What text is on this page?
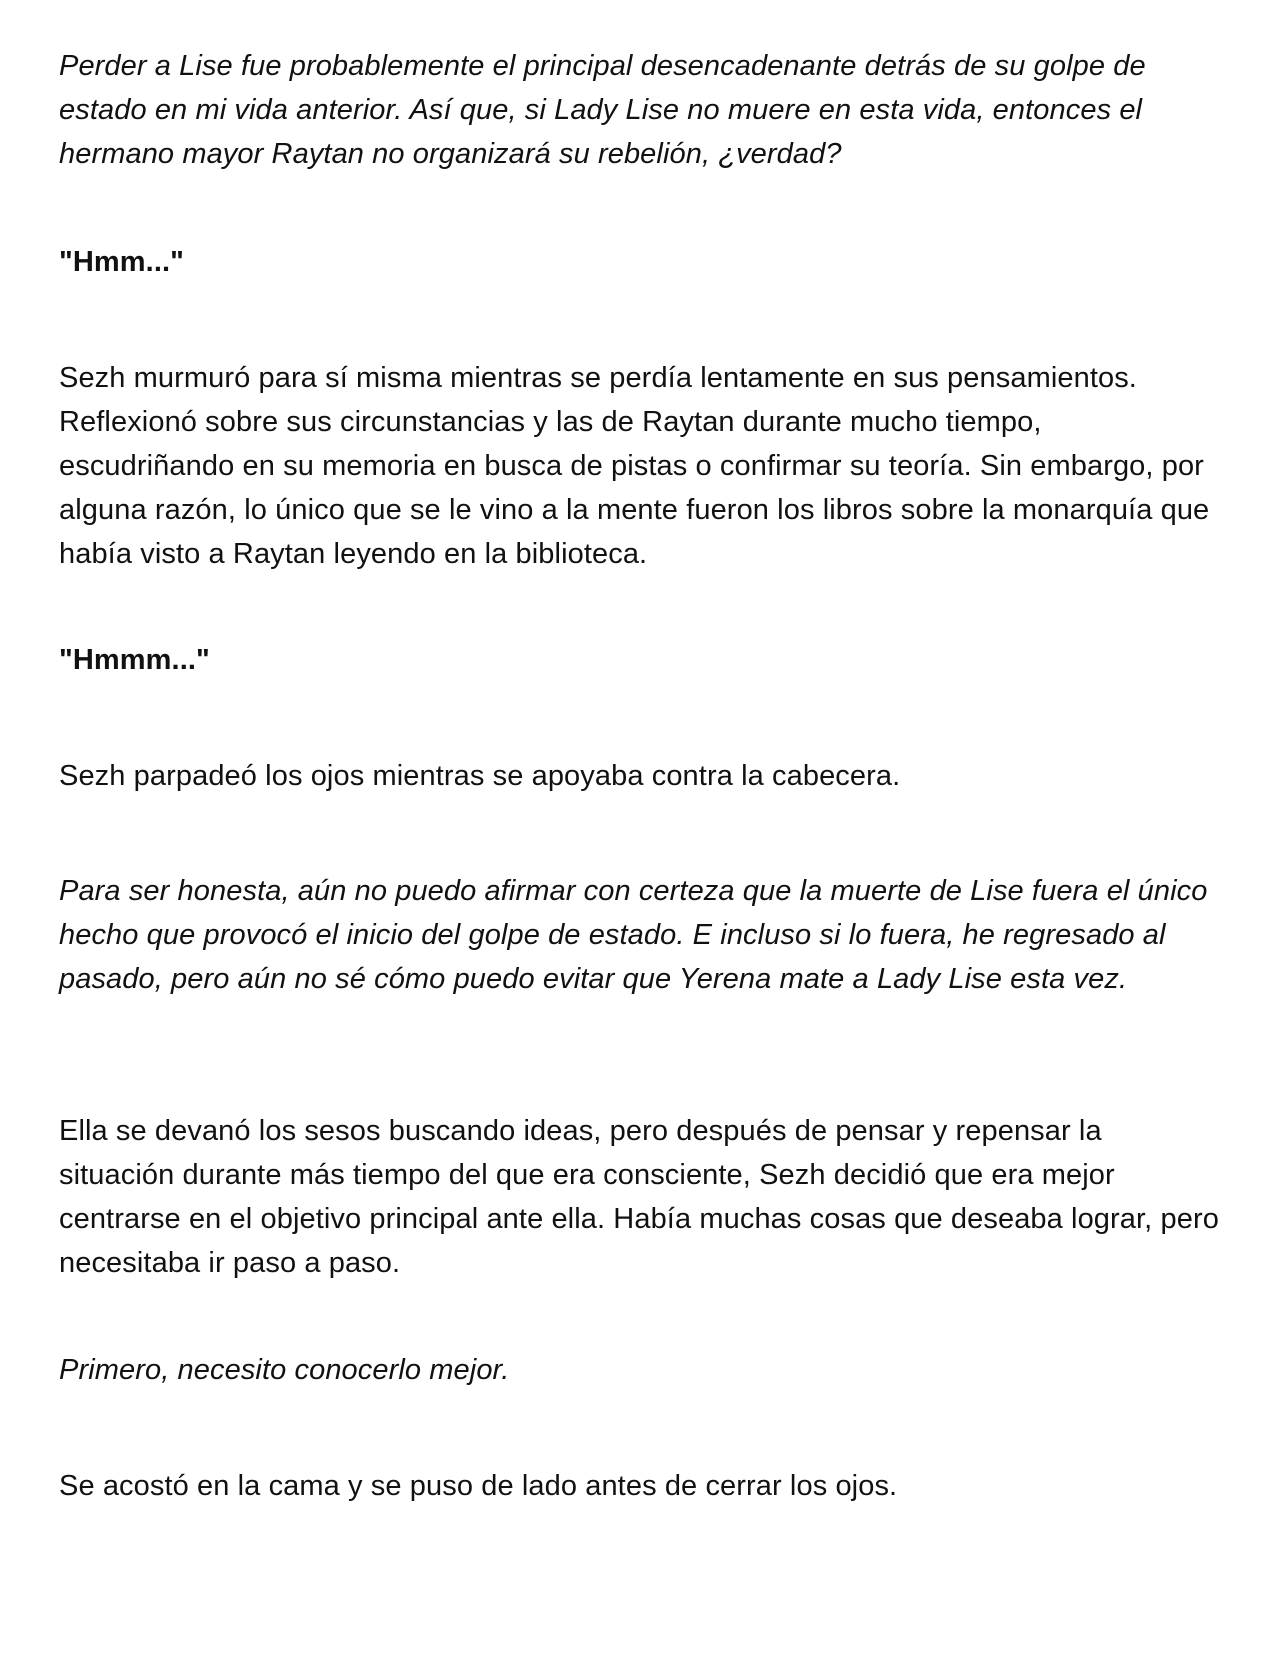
Perder a Lise fue probablemente el principal desencadenante detrás de su golpe de estado en mi vida anterior. Así que, si Lady Lise no muere en esta vida, entonces el hermano mayor Raytan no organizará su rebelión, ¿verdad?

"Hmm..."

Sezh murmuró para sí misma mientras se perdía lentamente en sus pensamientos. Reflexionó sobre sus circunstancias y las de Raytan durante mucho tiempo, escudriñando en su memoria en busca de pistas o confirmar su teoría. Sin embargo, por alguna razón, lo único que se le vino a la mente fueron los libros sobre la monarquía que había visto a Raytan leyendo en la biblioteca.

"Hmmm..."

Sezh parpadeó los ojos mientras se apoyaba contra la cabecera.

Para ser honesta, aún no puedo afirmar con certeza que la muerte de Lise fuera el único hecho que provocó el inicio del golpe de estado. E incluso si lo fuera, he regresado al pasado, pero aún no sé cómo puedo evitar que Yerena mate a Lady Lise esta vez.

Ella se devanó los sesos buscando ideas, pero después de pensar y repensar la situación durante más tiempo del que era consciente, Sezh decidió que era mejor centrarse en el objetivo principal ante ella. Había muchas cosas que deseaba lograr, pero necesitaba ir paso a paso.

Primero, necesito conocerlo mejor.

Se acostó en la cama y se puso de lado antes de cerrar los ojos.
